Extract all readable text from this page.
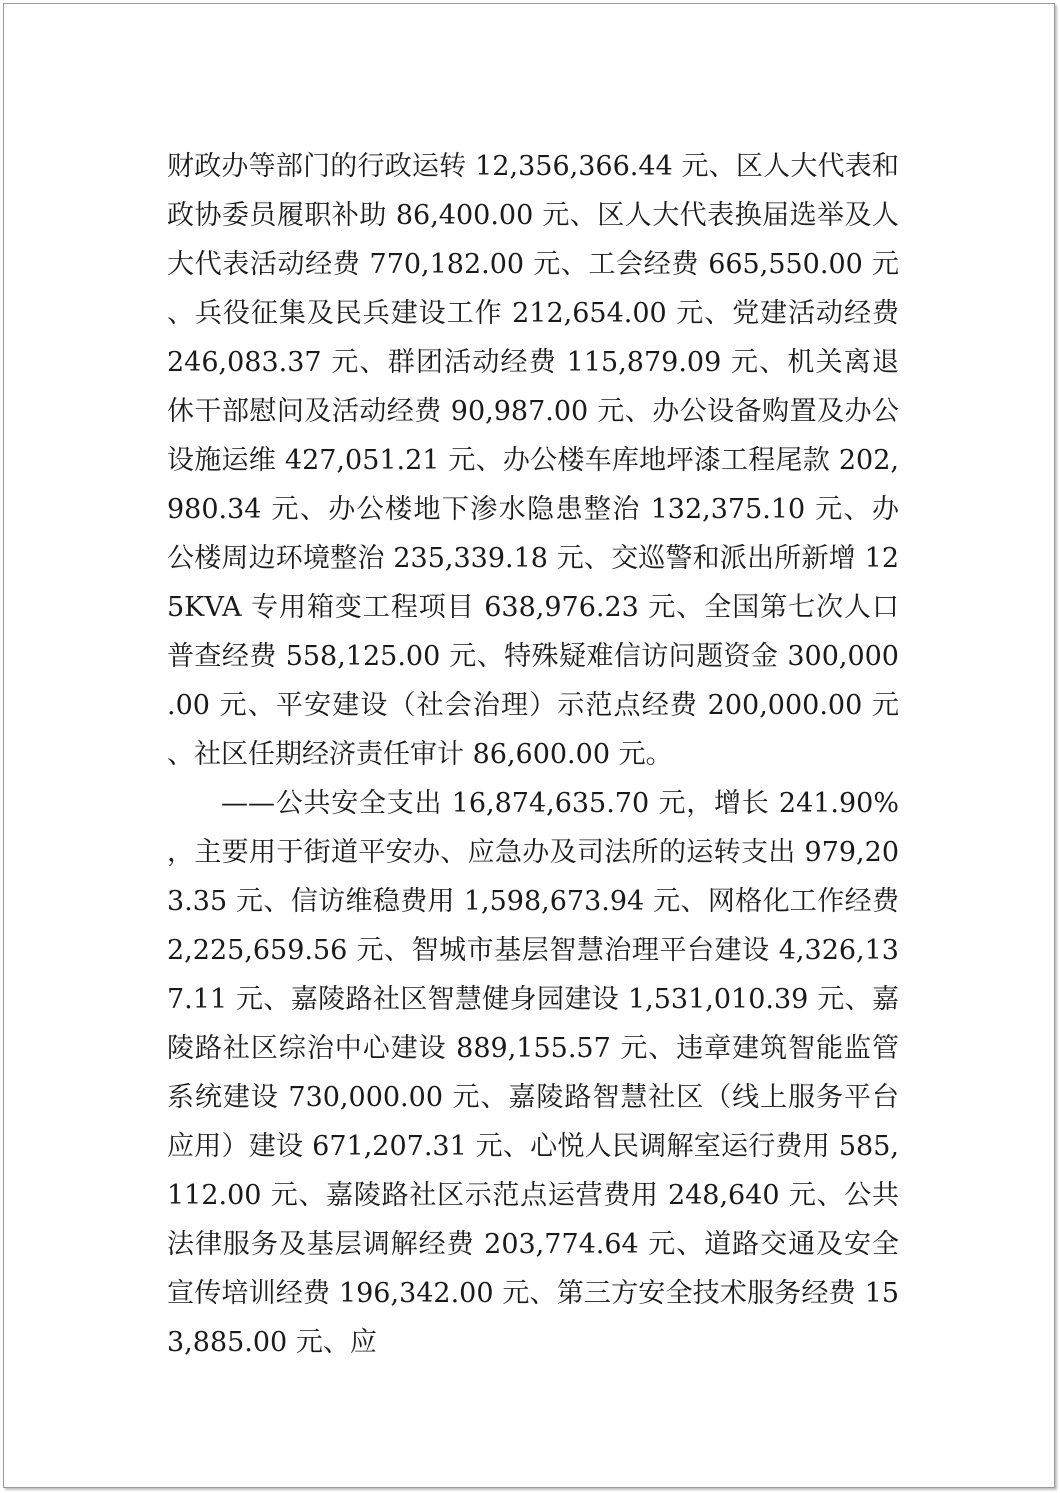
财政办等部门的行政运转 12,356,366.44 元、区人大代表和政协委员履职补助 86,400.00 元、区人大代表换届选举及人大代表活动经费 770,182.00 元、工会经费 665,550.00 元、兵役征集及民兵建设工作 212,654.00 元、党建活动经费 246,083.37 元、群团活动经费 115,879.09 元、机关离退休干部慰问及活动经费 90,987.00 元、办公设备购置及办公设施运维 427,051.21 元、办公楼车库地坪漆工程尾款 202,980.34 元、办公楼地下渗水隐患整治 132,375.10 元、办公楼周边环境整治 235,339.18 元、交巡警和派出所新增 125KVA 专用箱变工程项目 638,976.23 元、全国第七次人口普查经费 558,125.00 元、特殊疑难信访问题资金 300,000.00 元、平安建设（社会治理）示范点经费 200,000.00 元、社区任期经济责任审计 86,600.00 元。

——公共安全支出 16,874,635.70 元，增长 241.90%，主要用于街道平安办、应急办及司法所的运转支出 979,203.35 元、信访维稳费用 1,598,673.94 元、网格化工作经费 2,225,659.56 元、智城市基层智慧治理平台建设 4,326,137.11 元、嘉陵路社区智慧健身园建设 1,531,010.39 元、嘉陵路社区综治中心建设 889,155.57 元、违章建筑智能监管系统建设 730,000.00 元、嘉陵路智慧社区（线上服务平台应用）建设 671,207.31 元、心悦人民调解室运行费用 585,112.00 元、嘉陵路社区示范点运营费用 248,640 元、公共法律服务及基层调解经费 203,774.64 元、道路交通及安全宣传培训经费 196,342.00 元、第三方安全技术服务经费 153,885.00 元、应
